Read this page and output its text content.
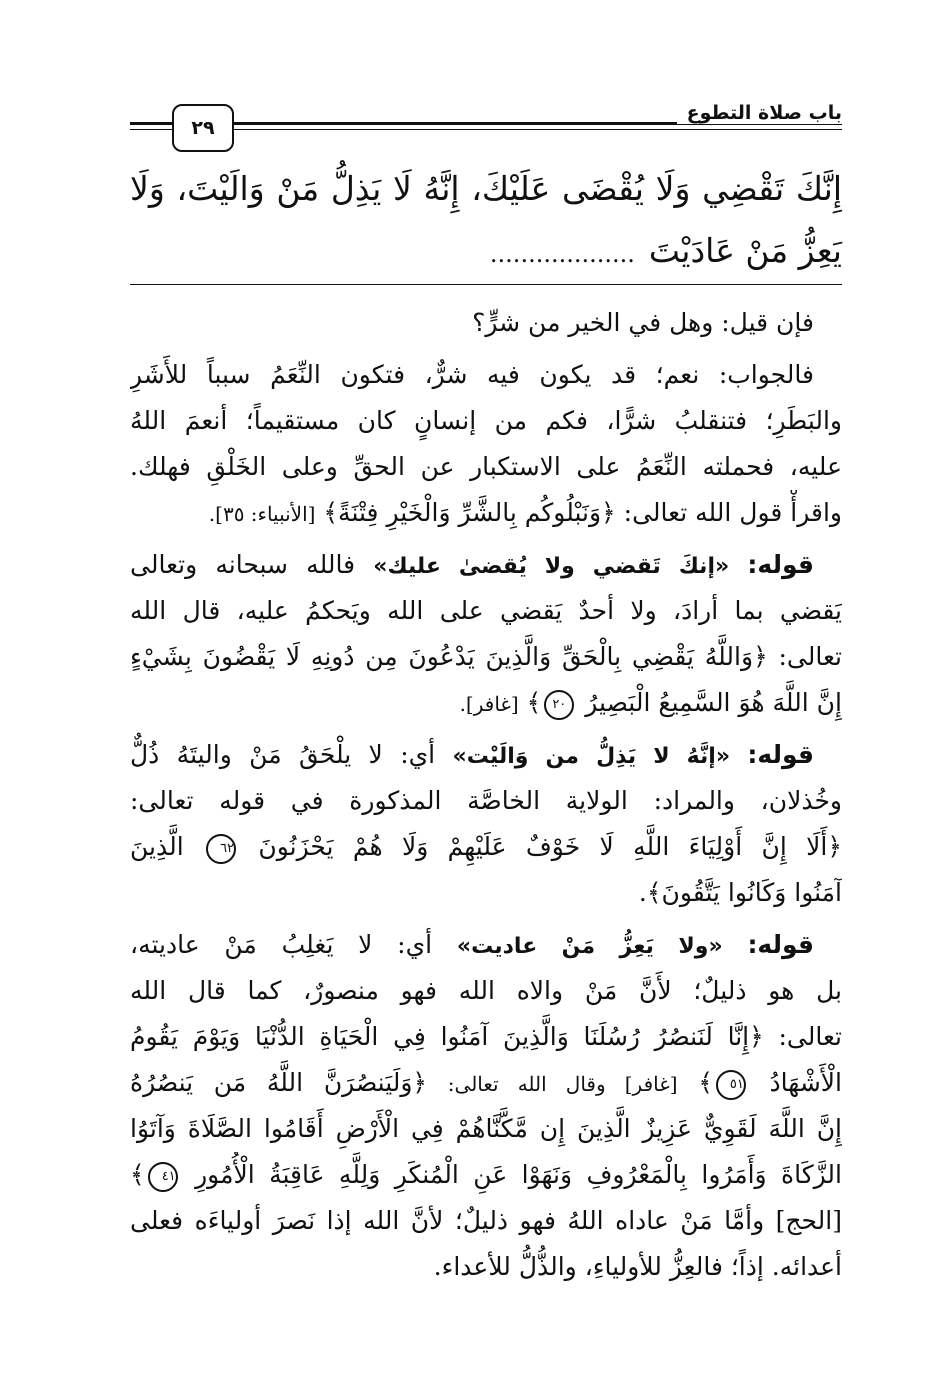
٢٩
باب صلاة التطوع
إِنَّكَ تَقْضِي وَلَا يُقْضَى عَلَيْكَ، إِنَّهُ لَا يَذِلُّ مَنْ وَالَيْتَ، وَلَا
يَعِزُّ مَنْ عَادَيْتَ...................
فإن قيل: وهل في الخير من شرٍّ؟
فالجواب: نعم؛ قد يكون فيه شرٌّ، فتكون النِّعَمُ سبباً للأَشَرِ
والبَطَرِ؛ فتنقلبُ شرًّا، فكم من إنسانٍ كان مستقيماً؛ أنعمَ اللهُ
عليه، فحملته النِّعَمُ على الاستكبار عن الحقِّ وعلى الخَلْقِ فهلك.
واقرأْ قول الله تعالى: ﴿وَنَبْلُوكُم بِالشَّرِّ وَالْخَيْرِ فِتْنَةً﴾ [الأنبياء: ٣٥].
قوله: «إنكَ تَقضي ولا يُقضىٰ عليك» فالله سبحانه وتعالى
يَقضي بما أرادَ، ولا أحدٌ يَقضي على الله ويَحكمُ عليه، قال الله
تعالى: ﴿وَاللَّهُ يَقْضِي بِالْحَقِّ وَالَّذِينَ يَدْعُونَ مِن دُونِهِ لَا يَقْضُونَ بِشَيْءٍ
إِنَّ اللَّهَ هُوَ السَّمِيعُ الْبَصِيرُ ٢٠﴾ [غافر].
قوله: «إنَّهُ لا يَذِلُّ من وَالَيْت» أي: لا يلْحَقُ مَنْ واليتَهُ ذُلٌّ
وخُذلان، والمراد: الولاية الخاصَّة المذكورة في قوله تعالى:
﴿أَلَا إِنَّ أَوْلِيَاءَ اللَّهِ لَا خَوْفٌ عَلَيْهِمْ وَلَا هُمْ يَحْزَنُونَ ٦٢ الَّذِينَ
آمَنُوا وَكَانُوا يَتَّقُونَ﴾.
قوله: «ولا يَعِزُّ مَنْ عاديت» أي: لا يَغلِبُ مَنْ عاديته،
بل هو ذليلٌ؛ لأَنَّ مَنْ والاه الله فهو منصورٌ، كما قال الله
تعالى: ﴿إِنَّا لَنَنصُرُ رُسُلَنَا وَالَّذِينَ آمَنُوا فِي الْحَيَاةِ الدُّنْيَا وَيَوْمَ يَقُومُ
الْأَشْهَادُ ٥١﴾ [غافر] وقال الله تعالى: ﴿وَلَيَنصُرَنَّ اللَّهُ مَن يَنصُرُهُ
إِنَّ اللَّهَ لَقَوِيٌّ عَزِيزٌ الَّذِينَ إِن مَّكَّنَّاهُمْ فِي الْأَرْضِ أَقَامُوا الصَّلَاةَ وَآتَوُا
الزَّكَاةَ وَأَمَرُوا بِالْمَعْرُوفِ وَنَهَوْا عَنِ الْمُنكَرِ وَلِلَّهِ عَاقِبَةُ الْأُمُورِ ٤١﴾
[الحج] وأمَّا مَنْ عاداه اللهُ فهو ذليلٌ؛ لأنَّ الله إذا نَصرَ أولياءَه فعلى
أعدائه. إذاً؛ فالعِزُّ للأولياءِ، والذُّلُّ للأعداء.
